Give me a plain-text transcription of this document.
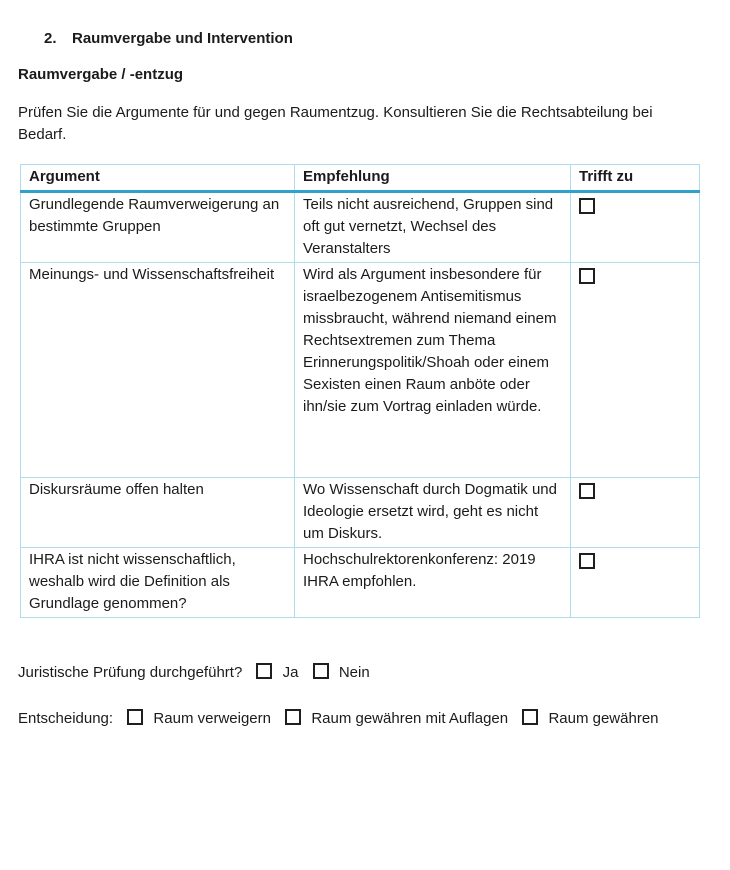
2.	Raumvergabe und Intervention
Raumvergabe / -entzug

Prüfen Sie die Argumente für und gegen Raumentzug. Konsultieren Sie die Rechtsabteilung bei Bedarf.

Argument	Empfehlung	Trifft zu
Grundlegende Raumverweigerung an bestimmte Gruppen	Teils nicht ausreichend, Gruppen sind oft gut vernetzt, Wechsel des Veranstalters	
Meinungs- und Wissenschaftsfreiheit	Wird als Argument insbesondere für israelbezogenem Antisemitismus missbraucht, während niemand einem Rechtsextremen zum Thema Erinnerungspolitik/Shoah oder einem Sexisten einen Raum anböte oder ihn/sie zum Vortrag einladen würde.	
Diskursräume offen halten	Wo Wissenschaft durch Dogmatik und Ideologie ersetzt wird, geht es nicht um Diskurs.	
IHRA ist nicht wissenschaftlich, weshalb wird die Definition als Grundlage genommen?	Hochschulrektorenkonferenz: 2019 IHRA empfohlen.	

Juristische Prüfung durchgeführt?	Ja	Nein

Entscheidung:	Raum verweigern	Raum gewähren mit Auflagen	Raum gewähren
